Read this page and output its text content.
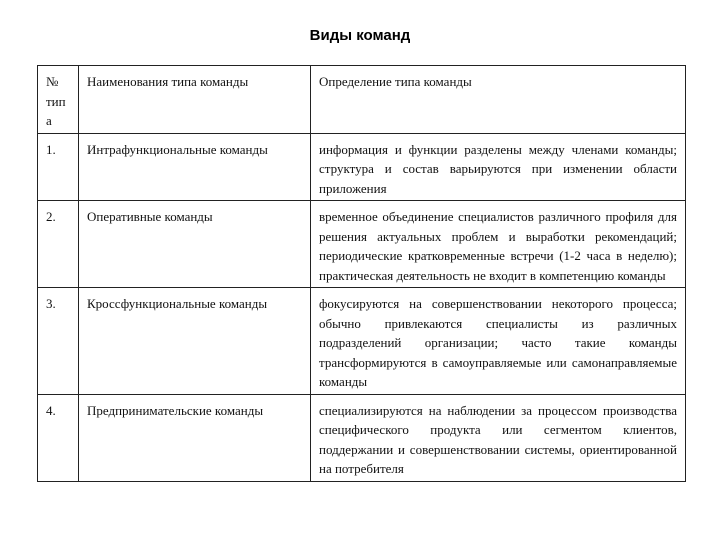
Виды команд
№ тип а	Наименования типа команды	Определение типа команды
1.	Интрафункциональные команды	информация и функции разделены между членами команды; структура и состав варьируются при изменении области приложения
2.	Оперативные команды	временное объединение специалистов различного профиля для решения актуальных проблем и выработки рекомендаций; периодические кратковременные встречи (1-2 часа в неделю); практическая деятельность не входит в компетенцию команды
3.	Кроссфункциональные команды	фокусируются на совершенствовании некоторого процесса; обычно привлекаются специалисты из различных подразделений организации; часто такие команды трансформируются в самоуправляемые или самонаправляемые команды
4.	Предпринимательские команды	специализируются на наблюдении за процессом производства специфического продукта или сегментом клиентов, поддержании и совершенствовании системы, ориентированной на потребителя
